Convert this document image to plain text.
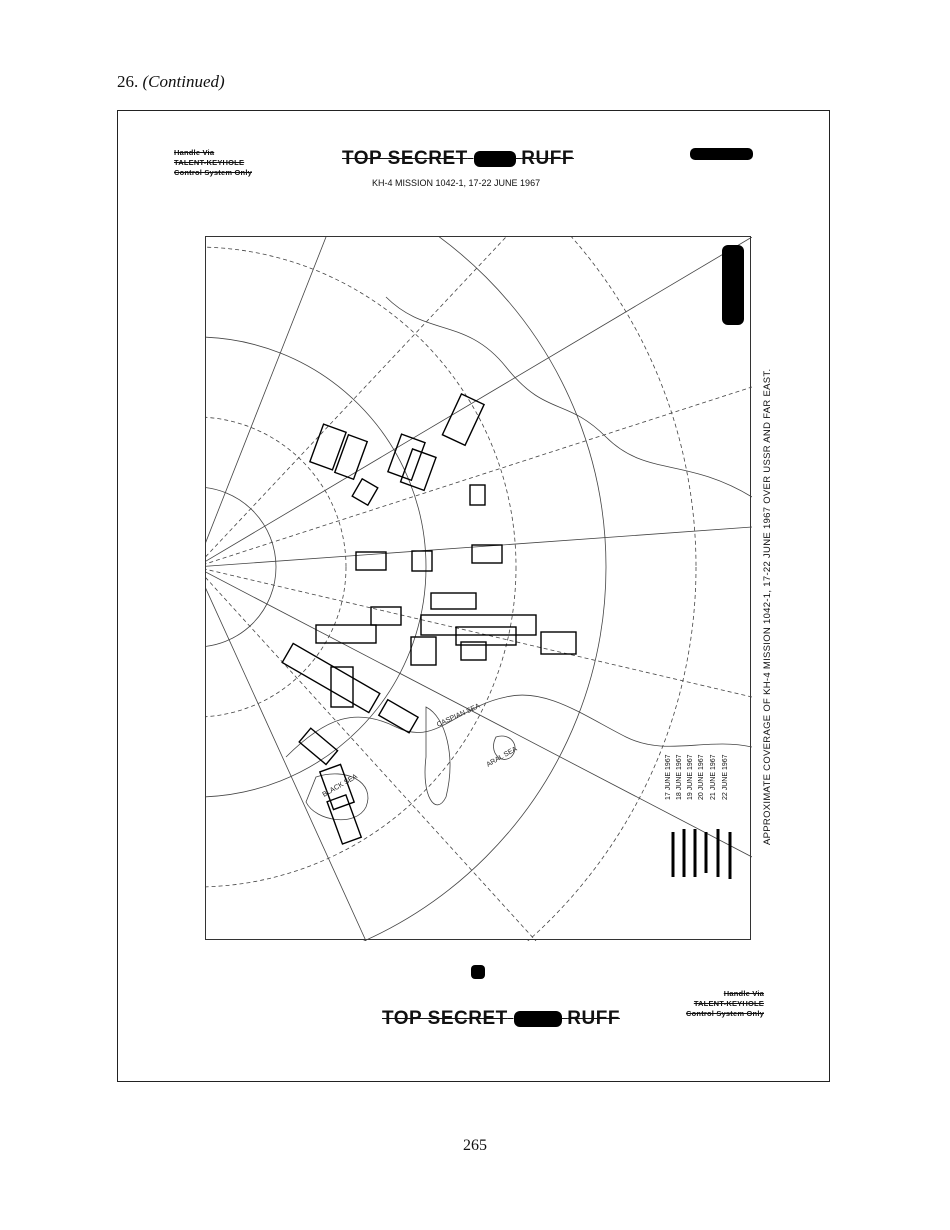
26. (Continued)
Handle Via
TALENT-KEYHOLE
Control System Only
TOP SECRET	RUFF
KH-4 MISSION 1042-1, 17-22 JUNE 1967
CASPIAN SEA
BLACK SEA
ARAL SEA	17 JUNE 1967 18 JUNE 1967 19 JUNE 1967 20 JUNE 1967 21 JUNE 1967 22 JUNE 1967	APPROXIMATE COVERAGE OF KH-4 MISSION 1042-1, 17-22 JUNE 1967 OVER USSR AND FAR EAST.
TOP SECRET	RUFF
Handle Via
TALENT-KEYHOLE
Control System Only
265
